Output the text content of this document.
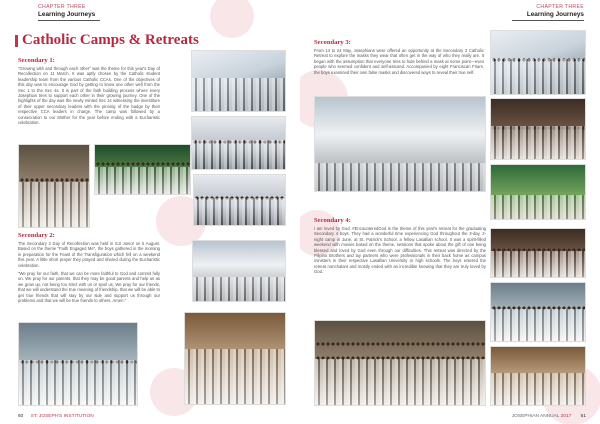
CHAPTER THREE
Learning Journeys
Catholic Camps & Retreats
Secondary 1:

"Growing with and through each other" was the theme for this year's Day of Recollection on 11 March. It was aptly chosen by the Catholic student leadership team from the various Catholic CCAs. One of the objectives of this day was to encourage God by getting to know one other well from the Sec 1 to the Sec 4s. It is part of the faith building process where every Josephian tries to support each other in their growing journey. One of the highlights of the day was the newly minted Sec 1s witnessing the investiture of their upper secondary leaders with the pinning of the badge by their respective CCA leaders in charge. The camp was followed by a consecration to our Mother for the year before ending with a Eucharistic celebration.

Secondary 2:

The Secondary 2 Day of Recollection was held in SJI Junior on 5 August. Based on the theme "Faith Engaged Me", the boys gathered in the morning in preparation for the Feast of the Transfiguration which fell on a weekend this year. A little short prayer they prayed and shared during the Eucharistic celebration.

"We pray for our faith, that we can be more faithful to God and commit fully on. We pray for our parents, that they may be good parents and help us as we grow up, not being too strict with us or spoil us. We pray for our friends, that we will understand the true meaning of friendship, that we will be able to get true friends that will stay by our side and support us through our problems and that we will be true friends to others. Amen."

60 ST. JOSEPH'S INSTITUTION
CHAPTER THREE
Learning Journeys
Secondary 3:

From 14 to 24 May, Josephians were offered an opportunity at the Secondary 3 Catholic Retreat to explore the masks they wear that often get in the way of who they really are. It began with the assumption that everyone tries to hide behind a mask at some point—even people who seemed confident and self-assured. Accompanied by eight Franciscan Friars, the boys examined their own false masks and discovered ways to reveal their true self.

Secondary 4:

I am loved by God. #EncounteredGod is the theme of this year's retreat for the graduating Secondary 4 boys. They had a wonderful time experiencing God throughout the 3-day, 2-night camp in June, at St. Patrick's School, a fellow Lasallian school. It was a spirit-filled weekend with movies based on the theme, sessions that spoke about the gift of one being blessed and loved by God even through our difficulties. This retreat was directed by the Filipino Brothers and lay partners who were professionals in their back home as campus ministers in their respective Lasallian University or high schools. The boys entered the retreat nonchalant and mostly ended with an incredible knowing that they are truly loved by God.

JOSEPHIAN ANNUAL 2017 61
